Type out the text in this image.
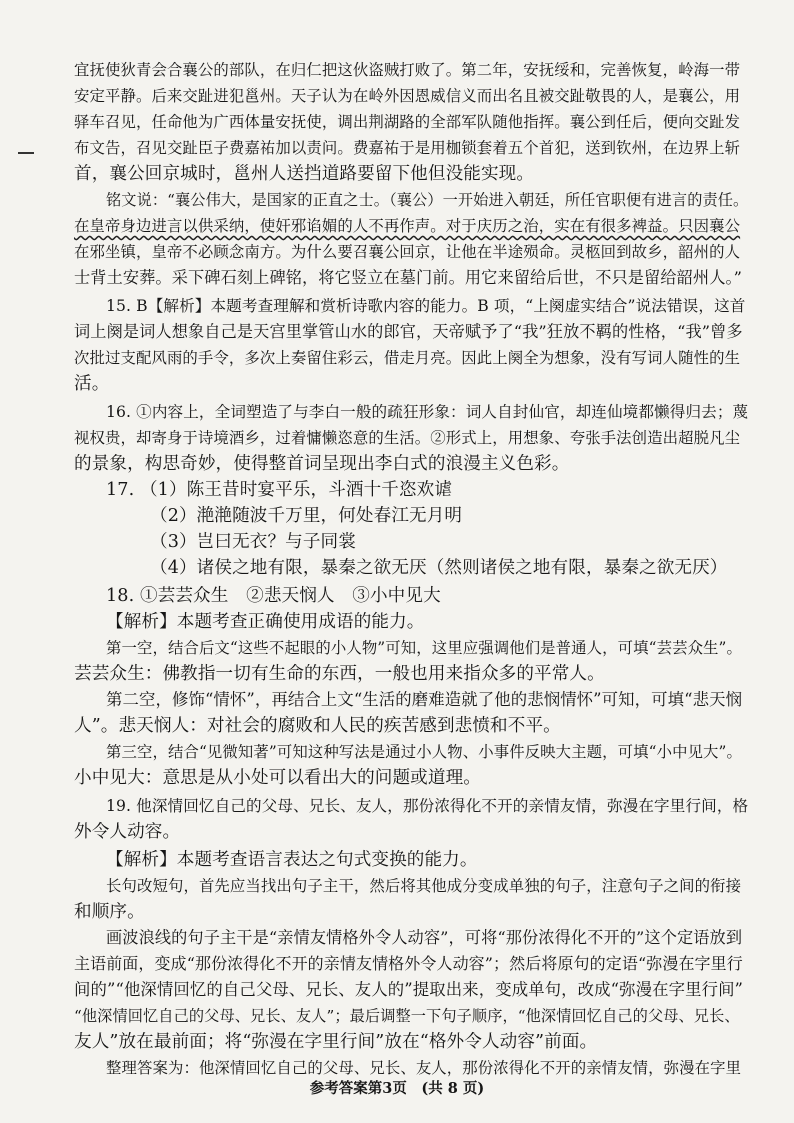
宜抚使狄青会合襄公的部队，在归仁把这伙盗贼打败了。第二年，安抚绥和，完善恢复，岭海一带
安定平静。后来交趾进犯邕州。天子认为在岭外因恩威信义而出名且被交趾敬畏的人，是襄公，用
驿车召见，任命他为广西体量安抚使，调出荆湖路的全部军队随他指挥。襄公到任后，便向交趾发
布文告，召见交趾臣子费嘉祐加以责问。费嘉祐于是用枷锁套着五个首犯，送到钦州，在边界上斩
首，襄公回京城时，邕州人送挡道路要留下他但没能实现。
铭文说：“襄公伟大，是国家的正直之士。（襄公）一开始进入朝廷，所任官职便有进言的责任。
在皇帝身边进言以供采纳，使奸邪谄媚的人不再作声。对于庆历之治，实在有很多裨益。只因襄公
在邪坐镇，皇帝不必顾念南方。为什么要召襄公回京，让他在半途殒命。灵柩回到故乡，韶州的人
士背土安葬。采下碑石刻上碑铭，将它竖立在墓门前。用它来留给后世，不只是留给韶州人。”
15. B【解析】本题考查理解和赏析诗歌内容的能力。B 项，“上阕虚实结合”说法错误，这首
词上阕是词人想象自己是天宫里掌管山水的郎官，天帝赋予了“我”狂放不羁的性格，“我”曾多
次批过支配风雨的手令，多次上奏留住彩云，借走月亮。因此上阕全为想象，没有写词人随性的生
活。
16. ①内容上，全词塑造了与李白一般的疏狂形象：词人自封仙官，却连仙境都懒得归去；蔑
视权贵，却寄身于诗境酒乡，过着慵懒恣意的生活。②形式上，用想象、夸张手法创造出超脱凡尘
的景象，构思奇妙，使得整首词呈现出李白式的浪漫主义色彩。
17. （1）陈王昔时宴平乐，斗酒十千恣欢谑
（2）滟滟随波千万里，何处春江无月明
（3）岂曰无衣？与子同裳
（4）诸侯之地有限，暴秦之欲无厌（然则诸侯之地有限，暴秦之欲无厌）
18. ①芸芸众生　②悲天悯人　③小中见大
【解析】本题考查正确使用成语的能力。
第一空，结合后文“这些不起眼的小人物”可知，这里应强调他们是普通人，可填“芸芸众生”。
芸芸众生：佛教指一切有生命的东西，一般也用来指众多的平常人。
第二空，修饰“情怀”，再结合上文“生活的磨难造就了他的悲悯情怀”可知，可填“悲天悯
人”。悲天悯人：对社会的腐败和人民的疾苦感到悲愤和不平。
第三空，结合“见微知著”可知这种写法是通过小人物、小事件反映大主题，可填“小中见大”。
小中见大：意思是从小处可以看出大的问题或道理。
19. 他深情回忆自己的父母、兄长、友人，那份浓得化不开的亲情友情，弥漫在字里行间，格
外令人动容。
【解析】本题考查语言表达之句式变换的能力。
长句改短句，首先应当找出句子主干，然后将其他成分变成单独的句子，注意句子之间的衔接
和顺序。
画波浪线的句子主干是“亲情友情格外令人动容”，可将“那份浓得化不开的”这个定语放到
主语前面，变成“那份浓得化不开的亲情友情格外令人动容”；然后将原句的定语“弥漫在字里行
间的”“他深情回忆的自己父母、兄长、友人的”提取出来，变成单句，改成“弥漫在字里行间”
“他深情回忆自己的父母、兄长、友人”；最后调整一下句子顺序，“他深情回忆自己的父母、兄长、
友人”放在最前面；将“弥漫在字里行间”放在“格外令人动容”前面。
整理答案为：他深情回忆自己的父母、兄长、友人，那份浓得化不开的亲情友情，弥漫在字里
参考答案第3页　(共 8 页)
